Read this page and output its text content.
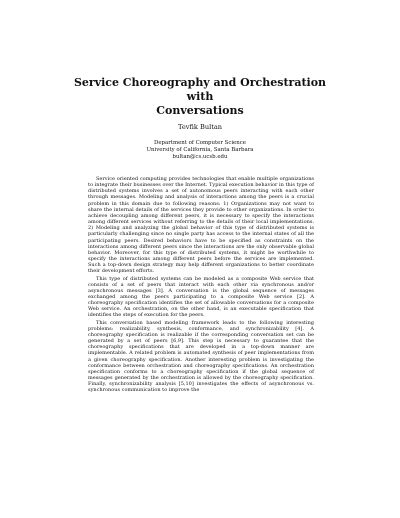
Service Choreography and Orchestration with
Conversations
Tevfik Bultan
Department of Computer Science
University of California, Santa Barbara
bultan@cs.ucsb.edu

Service oriented computing provides technologies that enable multiple organizations to integrate their businesses over the Internet. Typical execution behavior in this type of distributed systems involves a set of autonomous peers interacting with each other through messages. Modeling and analysis of interactions among the peers is a crucial problem in this domain due to following reasons: 1) Organizations may not want to share the internal details of the services they provide to other organizations. In order to achieve decoupling among different peers, it is necessary to specify the interactions among different services without referring to the details of their local implementations. 2) Modeling and analyzing the global behavior of this type of distributed systems is particularly challenging since no single party has access to the internal states of all the participating peers. Desired behaviors have to be specified as constraints on the interactions among different peers since the interactions are the only observable global behavior. Moreover, for this type of distributed systems, it might be worthwhile to specify the interactions among different peers before the services are implemented. Such a top-down design strategy may help different organizations to better coordinate their development efforts.

This type of distributed systems can be modeled as a composite Web service that consists of a set of peers that interact with each other via synchronous and/or asynchronous messages [3]. A conversation is the global sequence of messages exchanged among the peers participating to a composite Web service [2]. A choreography specification identifies the set of allowable conversations for a composite Web service. An orchestration, on the other hand, is an executable specification that identifies the steps of execution for the peers.

This conversation based modeling framework leads to the following interesting problems: realizability, synthesis, conformance, and synchronizability [4]. A choreography specification is realizable if the corresponding conversation set can be generated by a set of peers [6,9]. This step is necessary to guarantee that the choreography specifications that are developed in a top-down manner are implementable. A related problem is automated synthesis of peer implementations from a given choreography specification. Another interesting problem is investigating the conformance between orchestration and choreography specifications. An orchestration specification conforms to a choreography specification if the global sequence of messages generated by the orchestration is allowed by the choreography specification. Finally, synchronizability analysis [5,10] investigates the effects of asynchronous vs. synchronous communication to improve the
